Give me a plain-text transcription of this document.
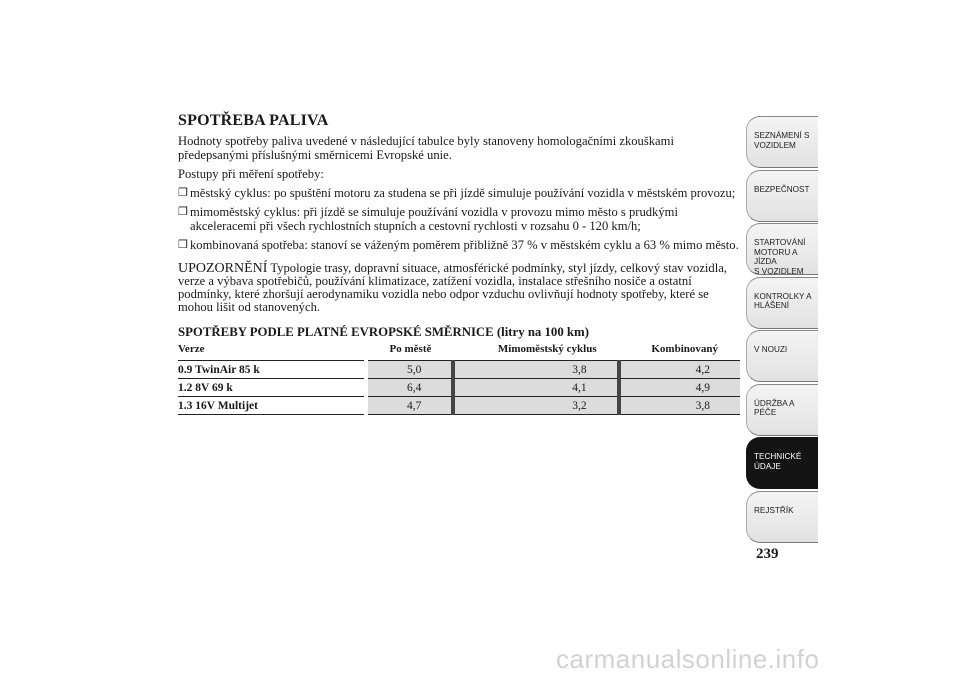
SPOTŘEBA PALIVA

Hodnoty spotřeby paliva uvedené v následující tabulce byly stanoveny homologačními zkouškami předepsanými příslušnými směrnicemi Evropské unie.

Postupy při měření spotřeby:

❒ městský cyklus: po spuštění motoru za studena se při jízdě simuluje používání vozidla v městském provozu;
❒ mimoměstský cyklus: při jízdě se simuluje používání vozidla v provozu mimo město s prudkými akceleracemi při všech rychlostních stupních a cestovní rychlosti v rozsahu 0 - 120 km/h;
❒ kombinovaná spotřeba: stanoví se váženým poměrem přibližně 37 % v městském cyklu a 63 % mimo město.

UPOZORNĚNÍ Typologie trasy, dopravní situace, atmosférické podmínky, styl jízdy, celkový stav vozidla, verze a výbava spotřebičů, používání klimatizace, zatížení vozidla, instalace střešního nosiče a ostatní podmínky, které zhoršují aerodynamiku vozidla nebo odpor vzduchu ovlivňují hodnoty spotřeby, které se mohou lišit od stanovených.

SPOTŘEBY PODLE PLATNÉ EVROPSKÉ SMĚRNICE (litry na 100 km)
Verze	Po městě	Mimoměstský cyklus	Kombinovaný
0.9 TwinAir 85 k	5,0	3,8	4,2
1.2 8V 69 k	6,4	4,1	4,9
1.3 16V Multijet	4,7	3,2	3,8
SEZNÁMENÍ S
VOZIDLEM
BEZPEČNOST
STARTOVÁNÍ
MOTORU A JÍZDA
S VOZIDLEM
KONTROLKY A
HLÁŠENÍ
V NOUZI
ÚDRŽBA A PÉČE
TECHNICKÉ
ÚDAJE
REJSTŘÍK
239
carmanualsonline.info
